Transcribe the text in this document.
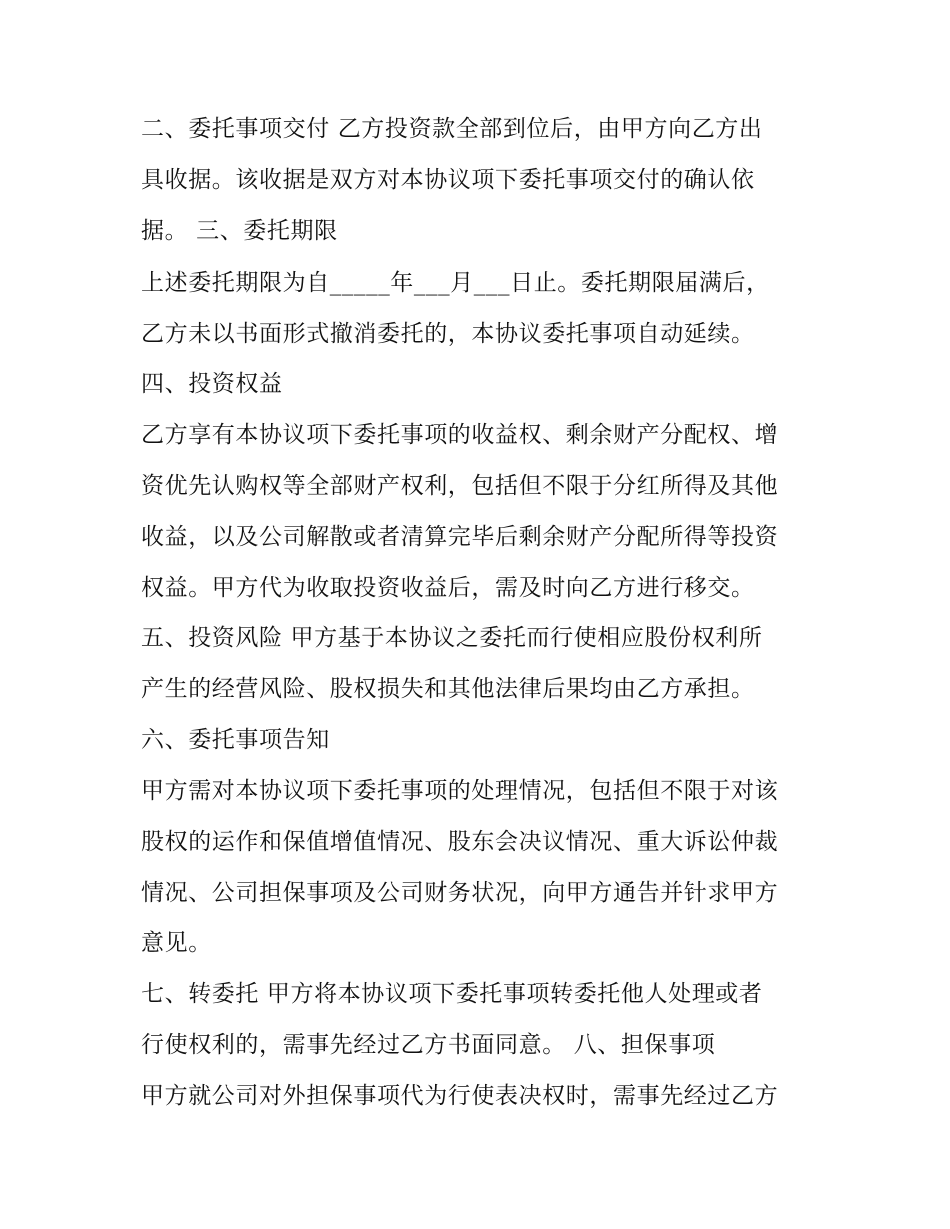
二、委托事项交付 乙方投资款全部到位后，由甲方向乙方出
具收据。该收据是双方对本协议项下委托事项交付的确认依
据。 三、委托期限
上述委托期限为自_____年___月___日止。委托期限届满后，
乙方未以书面形式撤消委托的，本协议委托事项自动延续。
四、投资权益
乙方享有本协议项下委托事项的收益权、剩余财产分配权、增
资优先认购权等全部财产权利，包括但不限于分红所得及其他
收益，以及公司解散或者清算完毕后剩余财产分配所得等投资
权益。甲方代为收取投资收益后，需及时向乙方进行移交。
五、投资风险 甲方基于本协议之委托而行使相应股份权利所
产生的经营风险、股权损失和其他法律后果均由乙方承担。
六、委托事项告知
甲方需对本协议项下委托事项的处理情况，包括但不限于对该
股权的运作和保值增值情况、股东会决议情况、重大诉讼仲裁
情况、公司担保事项及公司财务状况，向甲方通告并针求甲方
意见。
七、转委托 甲方将本协议项下委托事项转委托他人处理或者
行使权利的，需事先经过乙方书面同意。 八、担保事项
甲方就公司对外担保事项代为行使表决权时，需事先经过乙方
